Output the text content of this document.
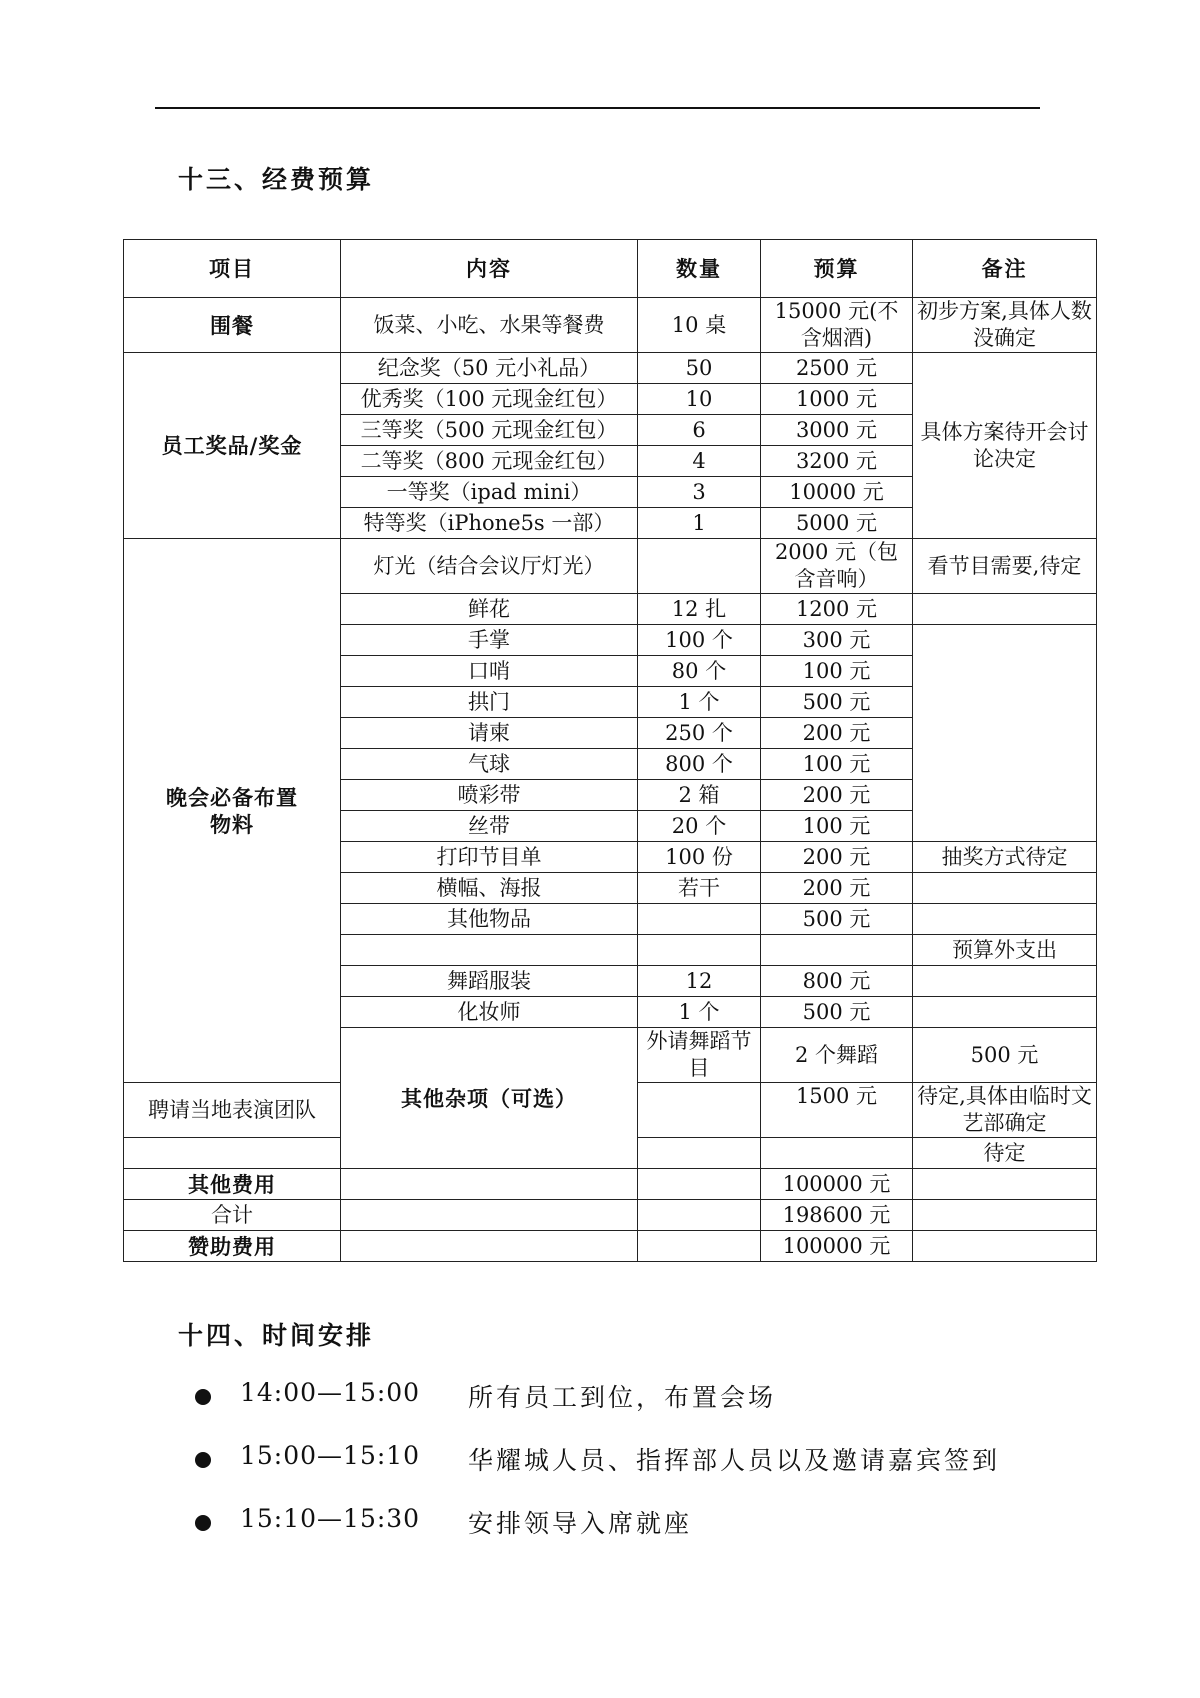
十三、经费预算
项目	内容	数量	预算	备注	
围餐	饭菜、小吃、水果等餐费	10 桌	15000 元(不含烟酒)	初步方案,具体人数没确定	
员工奖品/奖金	纪念奖（50 元小礼品）	50	2500 元	具体方案待开会讨论决定	
	优秀奖（100 元现金红包）	10	1000 元		
	三等奖（500 元现金红包）	6	3000 元		
	二等奖（800 元现金红包）	4	3200 元		
	一等奖（ipad mini）	3	10000 元		
	特等奖（iPhone5s 一部）	1	5000 元		
晚会必备布置物料	灯光（结合会议厅灯光）		2000 元（包含音响）	看节目需要,待定	
	鲜花	12 扎	1200 元		
	手掌	100 个	300 元		
	口哨	80 个	100 元		
	拱门	1 个	500 元		
	请柬	250 个	200 元		
	气球	800 个	100 元		
	喷彩带	2 箱	200 元		
	丝带	20 个	100 元		
	打印节目单	100 份	200 元	抽奖方式待定	
	横幅、海报	若干	200 元		
	其他物品		500 元		
				预算外支出	
	舞蹈服装	12	800 元		
	化妆师	1 个	500 元		
	其他杂项（可选）	外请舞蹈节目	2 个舞蹈	500 元	
聘请当地表演团队			1500 元	待定,具体由临时文艺部确定	
				待定	
其他费用			100000 元		
合计			198600 元		
赞助费用			100000 元		
十四、时间安排
14:00—15:00 所有员工到位，布置会场
15:00—15:10 华耀城人员、指挥部人员以及邀请嘉宾签到
15:10—15:30 安排领导入席就座
